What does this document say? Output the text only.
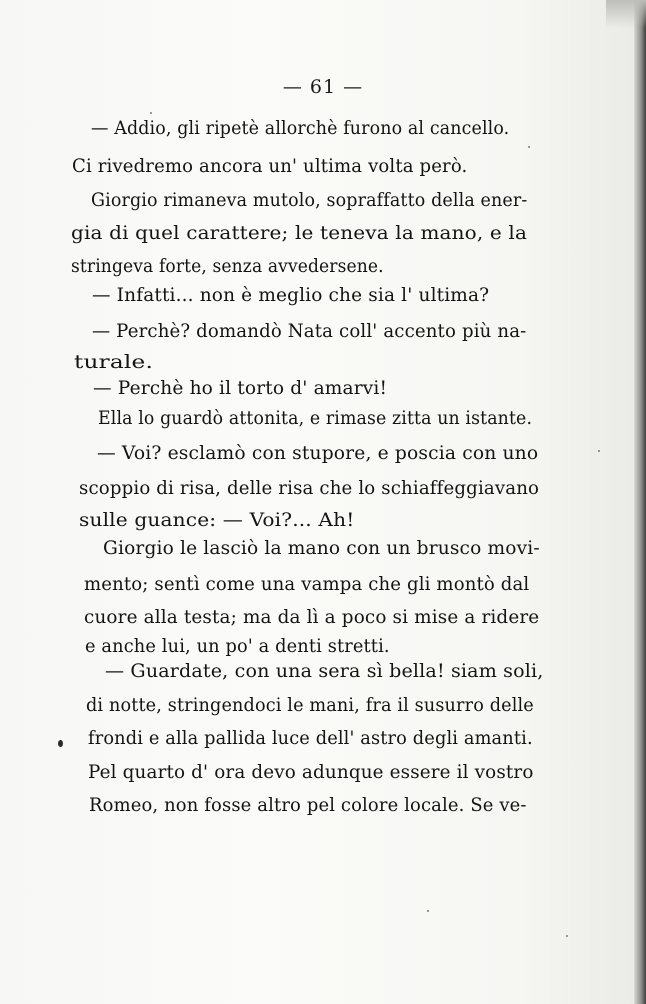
— 61 —
— Addio, gli ripetè allorchè furono al cancello.
Ci rivedremo ancora un' ultima volta però.
Giorgio rimaneva mutolo, sopraffatto della ener-
gia di quel carattere; le teneva la mano, e la
stringeva forte, senza avvedersene.
— Infatti... non è meglio che sia l' ultima?
— Perchè? domandò Nata coll' accento più na-
turale.
— Perchè ho il torto d' amarvi!
Ella lo guardò attonita, e rimase zitta un istante.
— Voi? esclamò con stupore, e poscia con uno
scoppio di risa, delle risa che lo schiaffeggiavano
sulle guance: — Voi?... Ah!
Giorgio le lasciò la mano con un brusco movi-
mento; sentì come una vampa che gli montò dal
cuore alla testa; ma da lì a poco si mise a ridere
e anche lui, un po' a denti stretti.
— Guardate, con una sera sì bella! siam soli,
di notte, stringendoci le mani, fra il susurro delle
frondi e alla pallida luce dell' astro degli amanti.
Pel quarto d' ora devo adunque essere il vostro
Romeo, non fosse altro pel colore locale. Se ve-
